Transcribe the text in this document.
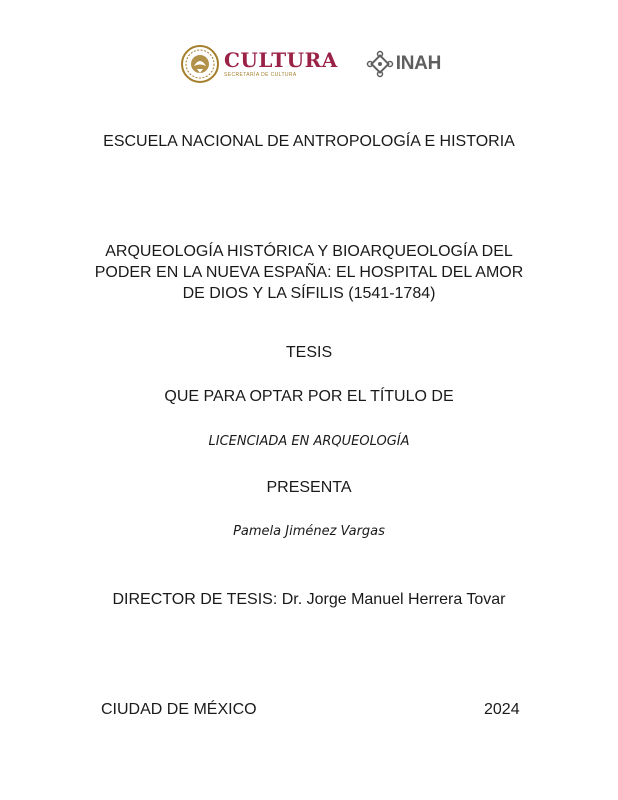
CULTURA
SECRETARÍA DE CULTURA
INAH
ESCUELA NACIONAL DE ANTROPOLOGÍA E HISTORIA
ARQUEOLOGÍA HISTÓRICA Y BIOARQUEOLOGÍA DEL
PODER EN LA NUEVA ESPAÑA: EL HOSPITAL DEL AMOR
DE DIOS Y LA SÍFILIS (1541-1784)
TESIS
QUE PARA OPTAR POR EL TÍTULO DE
LICENCIADA EN ARQUEOLOGÍA
PRESENTA
Pamela Jiménez Vargas
DIRECTOR DE TESIS: Dr. Jorge Manuel Herrera Tovar
CIUDAD DE MÉXICO	2024
